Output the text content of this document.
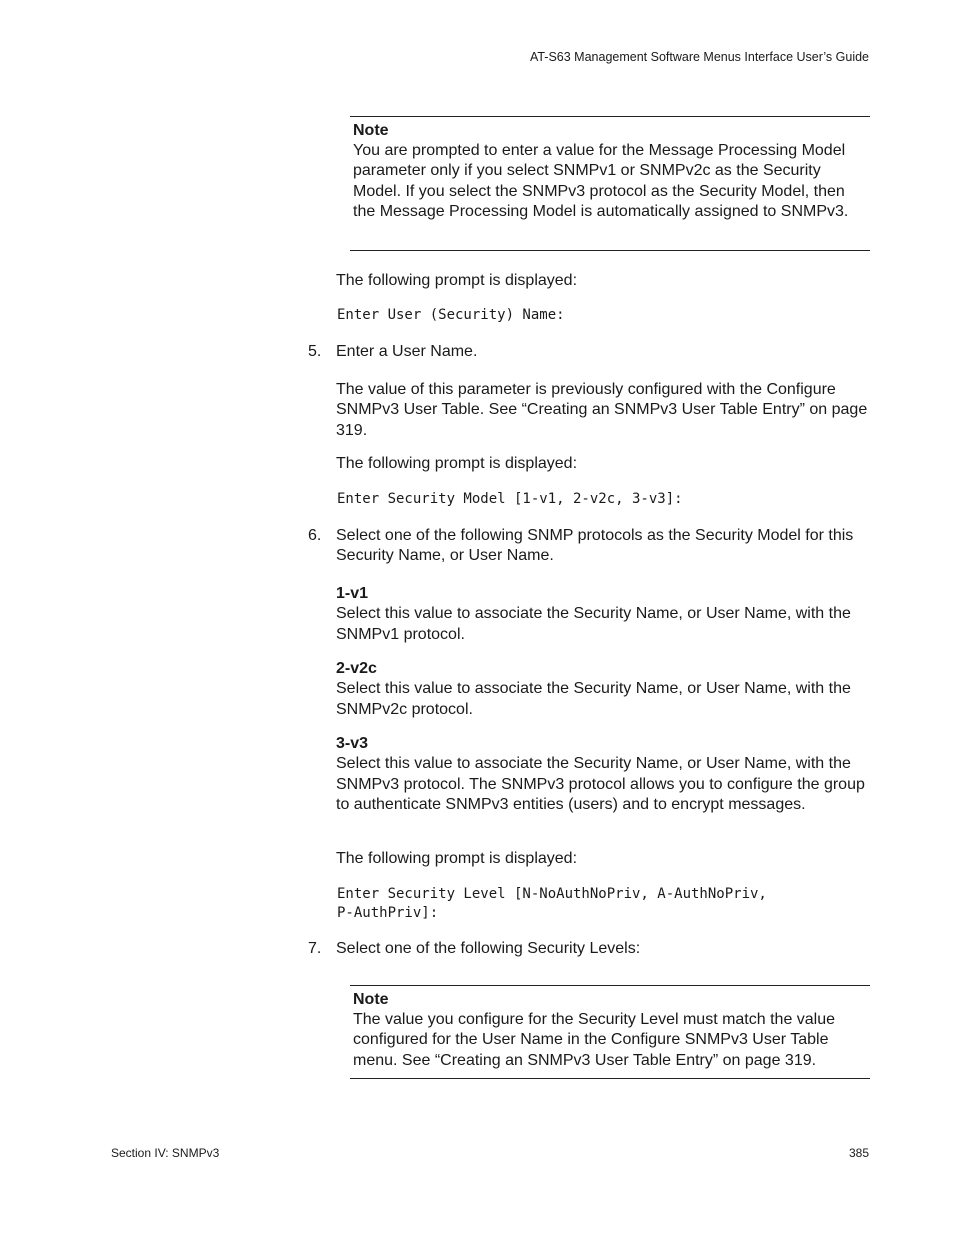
AT-S63 Management Software Menus Interface User’s Guide
Note
You are prompted to enter a value for the Message Processing Model parameter only if you select SNMPv1 or SNMPv2c as the Security Model. If you select the SNMPv3 protocol as the Security Model, then the Message Processing Model is automatically assigned to SNMPv3.
The following prompt is displayed:
Enter User (Security) Name:
5. Enter a User Name.
The value of this parameter is previously configured with the Configure SNMPv3 User Table. See “Creating an SNMPv3 User Table Entry” on page 319.
The following prompt is displayed:
Enter Security Model [1-v1, 2-v2c, 3-v3]:
6. Select one of the following SNMP protocols as the Security Model for this Security Name, or User Name.
1-v1
Select this value to associate the Security Name, or User Name, with the SNMPv1 protocol.
2-v2c
Select this value to associate the Security Name, or User Name, with the SNMPv2c protocol.
3-v3
Select this value to associate the Security Name, or User Name, with the SNMPv3 protocol. The SNMPv3 protocol allows you to configure the group to authenticate SNMPv3 entities (users) and to encrypt messages.
The following prompt is displayed:
Enter Security Level [N-NoAuthNoPriv, A-AuthNoPriv,
P-AuthPriv]:
7. Select one of the following Security Levels:
Note
The value you configure for the Security Level must match the value configured for the User Name in the Configure SNMPv3 User Table menu. See “Creating an SNMPv3 User Table Entry” on page 319.
Section IV: SNMPv3	385
